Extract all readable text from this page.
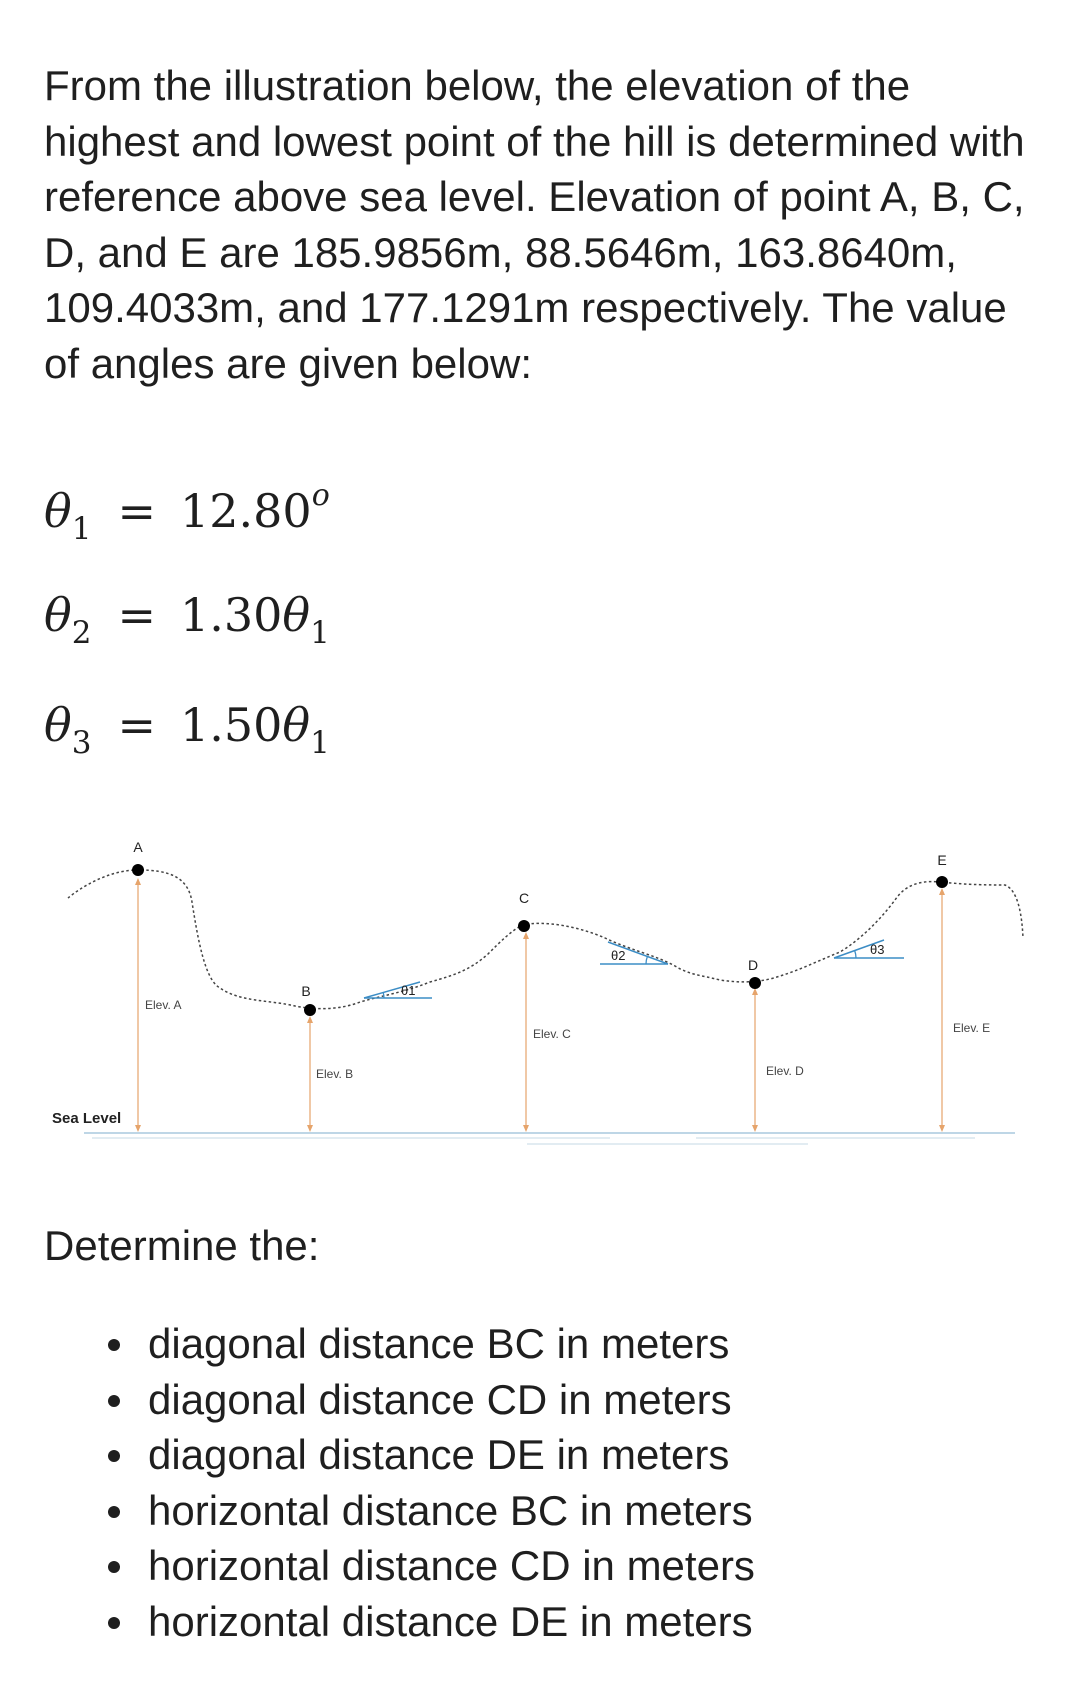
From the illustration below, the elevation of the highest and lowest point of the hill is determined with reference above sea level. Elevation of point A, B, C, D, and E are 185.9856m, 88.5646m, 163.8640m, 109.4033m, and 177.1291m respectively. The value of angles are given below:

$\theta_1 = 12.80^o$
$\theta_2 = 1.30\theta_1$
$\theta_3 = 1.50\theta_1$
Sea Level
A
Elev. A
B
Elev. B
C
Elev. C
D
Elev. D
E
Elev. E
θ1
θ2	θ3
Determine the:
diagonal distance BC in meters
diagonal distance CD in meters
diagonal distance DE in meters
horizontal distance BC in meters
horizontal distance CD in meters
horizontal distance DE in meters
